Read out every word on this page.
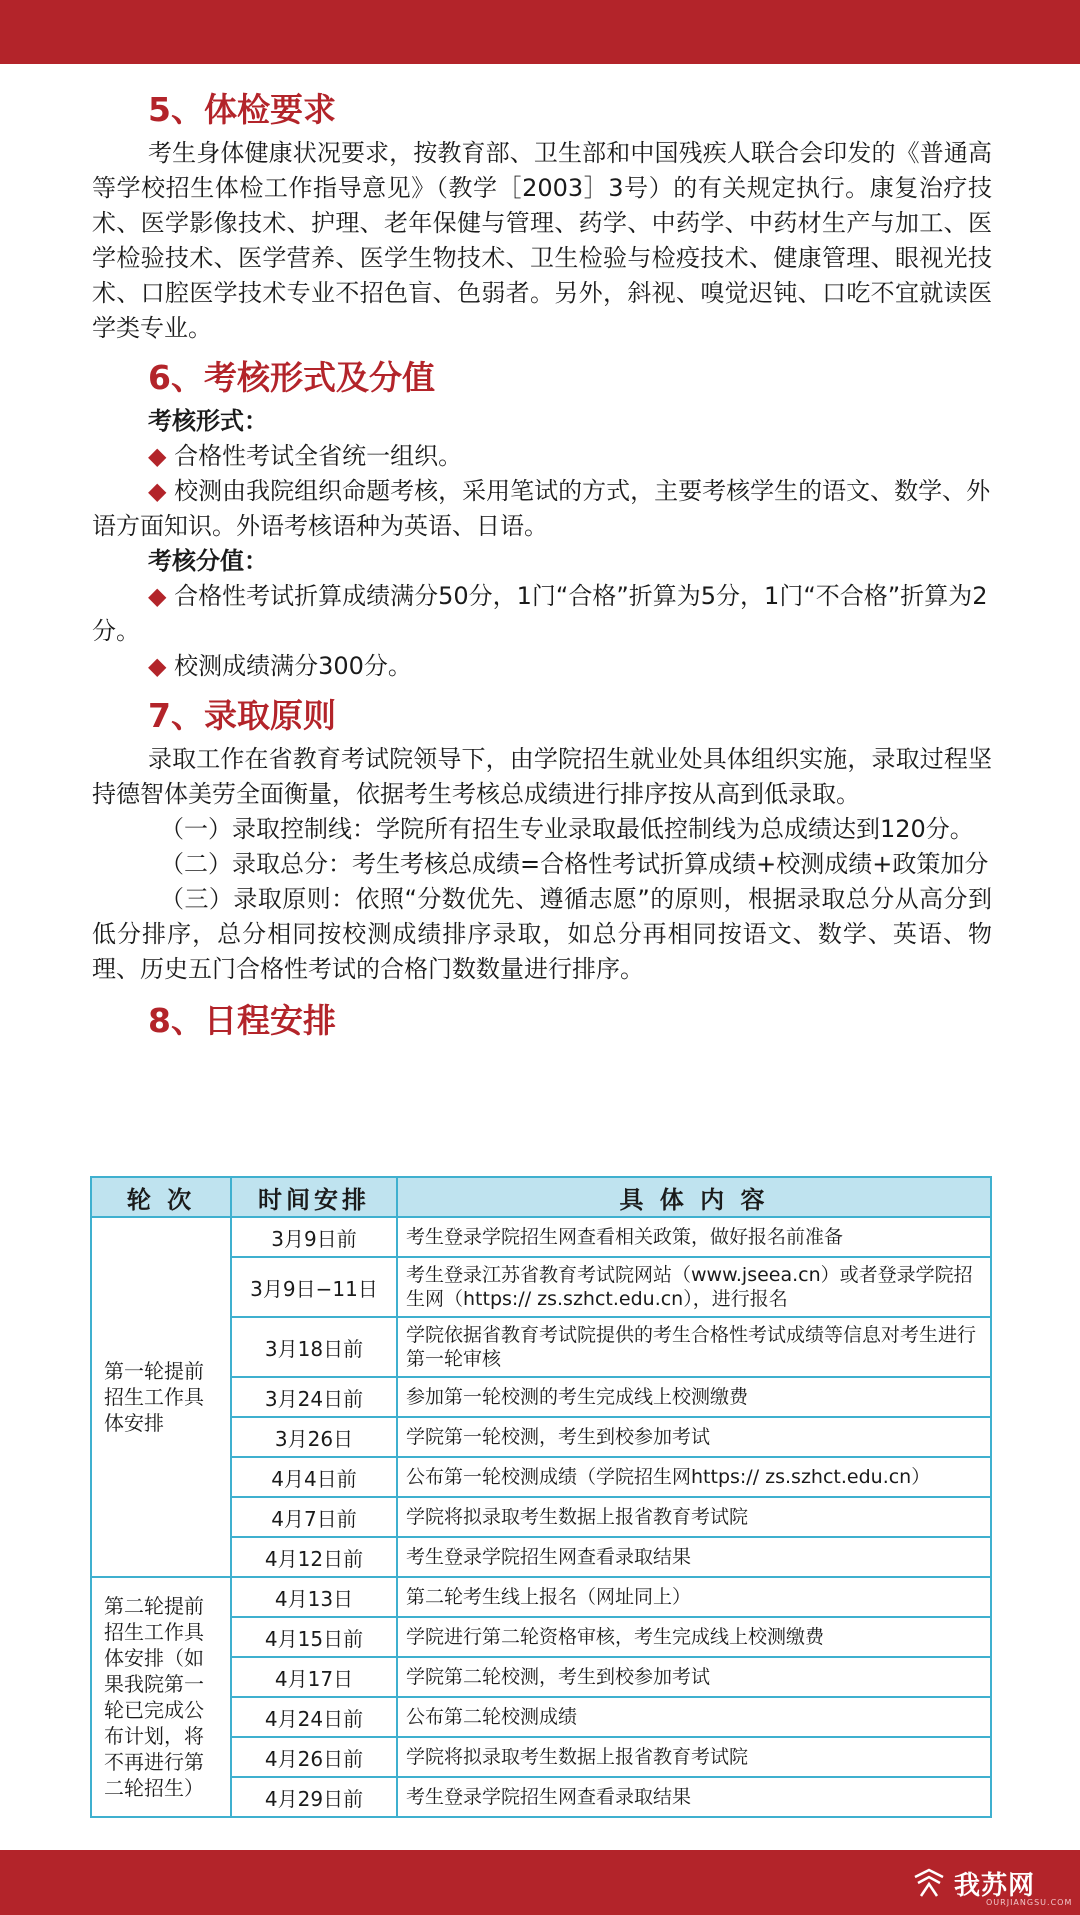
5、体检要求

考生身体健康状况要求，按教育部、卫生部和中国残疾人联合会印发的《普通高等学校招生体检工作指导意见》（教学［2003］3号）的有关规定执行。康复治疗技术、医学影像技术、护理、老年保健与管理、药学、中药学、中药材生产与加工、医学检验技术、医学营养、医学生物技术、卫生检验与检疫技术、健康管理、眼视光技术、口腔医学技术专业不招色盲、色弱者。另外，斜视、嗅觉迟钝、口吃不宜就读医学类专业。

6、考核形式及分值
考核形式：

◆ 合格性考试全省统一组织。

◆ 校测由我院组织命题考核，采用笔试的方式，主要考核学生的语文、数学、外语方面知识。外语考核语种为英语、日语。

考核分值：

◆ 合格性考试折算成绩满分50分，1门“合格”折算为5分，1门“不合格”折算为2分。

◆ 校测成绩满分300分。

7、录取原则

录取工作在省教育考试院领导下，由学院招生就业处具体组织实施，录取过程坚持德智体美劳全面衡量，依据考生考核总成绩进行排序按从高到低录取。

（一）录取控制线：学院所有招生专业录取最低控制线为总成绩达到120分。

（二）录取总分：考生考核总成绩=合格性考试折算成绩+校测成绩+政策加分

（三）录取原则：依照“分数优先、遵循志愿”的原则，根据录取总分从高分到低分排序，总分相同按校测成绩排序录取，如总分再相同按语文、数学、英语、物理、历史五门合格性考试的合格门数数量进行排序。

8、日程安排
轮 次	时间安排	具 体 内 容
第一轮提前招生工作具体安排	3月9日前	考生登录学院招生网查看相关政策，做好报名前准备
	3月9日−11日	考生登录江苏省教育考试院网站（www.jseea.cn）或者登录学院招生网（https:// zs.szhct.edu.cn），进行报名
	3月18日前	学院依据省教育考试院提供的考生合格性考试成绩等信息对考生进行第一轮审核
	3月24日前	参加第一轮校测的考生完成线上校测缴费
	3月26日	学院第一轮校测，考生到校参加考试
	4月4日前	公布第一轮校测成绩（学院招生网https:// zs.szhct.edu.cn）
	4月7日前	学院将拟录取考生数据上报省教育考试院
	4月12日前	考生登录学院招生网查看录取结果
第二轮提前招生工作具体安排（如果我院第一轮已完成公布计划，将不再进行第二轮招生）	4月13日	第二轮考生线上报名（网址同上）
	4月15日前	学院进行第二轮资格审核，考生完成线上校测缴费
	4月17日	学院第二轮校测，考生到校参加考试
	4月24日前	公布第二轮校测成绩
	4月26日前	学院将拟录取考生数据上报省教育考试院
	4月29日前	考生登录学院招生网查看录取结果
我苏网
OURJIANGSU.COM
